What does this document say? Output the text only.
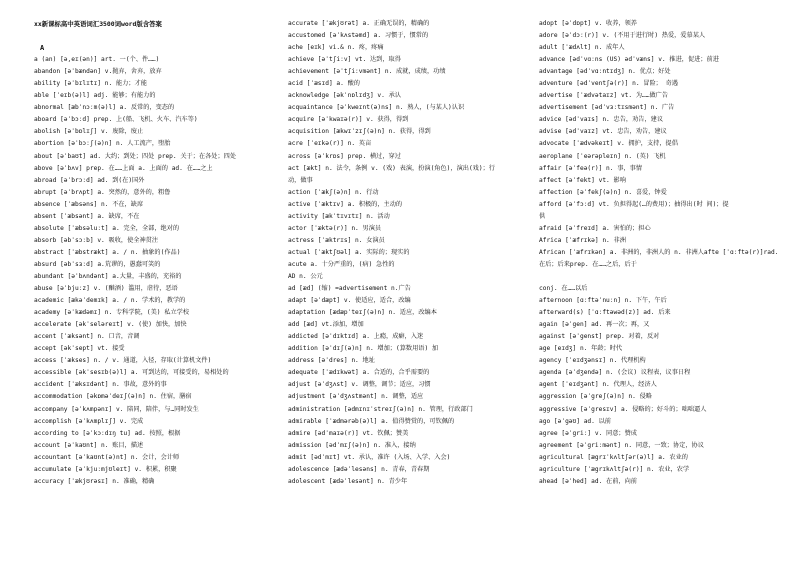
xx新课标高中英语词汇3500词word版含答案
A
a (an) [ə,eɪ(ən)] art. 一(个、件……)
abandon [əˈbændən] v.抛弃，舍弃，放弃
ability [əˈbɪlɪtɪ] n. 能力；才能
able [ˈeɪb(ə)l] adj. 能够；有能力的
abnormal [æbˈnɔːm(ə)l] a. 反常的，变态的
aboard [əˈbɔːd] prep. 上(船、飞机、火车、汽车等)
abolish [əˈbɒlɪʃ] v. 废除，废止
abortion [əˈbɔːʃ(ə)n] n. 人工流产，堕胎
about [əˈbaʊt] ad. 大约；到处；四处 prep. 关于；在各处；四处
above [əˈbʌv] prep. 在……上面 a. 上面的 ad. 在……之上
abroad [əˈbrɔːd] ad. 到(在)国外
abrupt [əˈbrʌpt] a. 突然的，意外的，粗鲁
absence [ˈæbsəns] n. 不在，缺席
absent [ˈæbsənt] a. 缺席，不在
absolute [ˈæbsəluːt] a. 完全，全部，绝对的
absorb [əbˈsɔːb] v. 吸收，使全神贯注
abstract [ˈæbstrækt] a. / n. 抽象的(作品)
absurd [əbˈsɜːd] a.荒谬的，愚蠢可笑的
abundant [əˈbʌndənt] a.大量，丰盛的，充裕的
abuse [əˈbjuːz] v. (酗酒) 滥用，虐待，恶语
academic [ækəˈdemɪk] a. / n. 学术的，教学的
academy [əˈkædəmɪ] n. 专科学院，(美) 私立学校
accelerate [əkˈseləreɪt] v. (使) 加快，加快
accent [ˈæksənt] n. 口音，音调
accept [əkˈsept] vt. 接受
access [ˈækses] n. / v. 通道，入径，存取(计算机文件)
accessible [əkˈsesɪb(ə)l] a. 可到达的，可接受的，易相处的
accident [ˈæksɪdənt] n. 事故，意外的事
accommodation [əkɒməˈdeɪʃ(ə)n] n. 住宿，膳宿
accompany [əˈkʌmpənɪ] v. 陪同，陪伴，与…同时发生
accomplish [əˈkʌmplɪʃ] v. 完成
according to [əˈkɔːdɪŋ tu] ad. 按照，根据
account [əˈkaʊnt] n. 账目，描述
accountant [əˈkaʊnt(ə)nt] n. 会计，会计师
accumulate [əˈkjuːmjʊleɪt] v. 积累，积聚
accuracy [ˈækjʊrəsɪ] n. 准确，精确
accurate [ˈækjʊrət] a. 正确无误的，精确的
accustomed [əˈkʌstəmd] a. 习惯于，惯常的
ache [eɪk] vi.& n. 疼，疼痛
achieve [əˈtʃiːv] vt. 达到，取得
achievement [əˈtʃiːvmənt] n. 成就，成绩，功绩
acid [ˈæsɪd] a. 酸的
acknowledge [əkˈnɒlɪdʒ] v. 承认
acquaintance [əˈkweɪnt(ə)ns] n. 熟人，(与某人)认识
acquire [əˈkwaɪə(r)] v. 获得，得到
acquisition [ækwɪˈzɪʃ(ə)n] n. 获得，得到
acre [ˈeɪkə(r)] n. 英亩
across [əˈkrɒs] prep. 横过，穿过
act [ækt] n. 法令，条例 v. (戏) 表演，扮演(角色)，演出(戏)；行
动，做事
action [ˈækʃ(ə)n] n. 行动
active [ˈæktɪv] a. 积极的，主动的
activity [ækˈtɪvɪtɪ] n. 活动
actor [ˈæktə(r)] n. 男演员
actress [ˈæktrɪs] n. 女演员
actual [ˈæktʃʊəl] a. 实际的；现实的
acute a. 十分严重的，(病) 急性的
AD n. 公元
ad [æd] (缩) =advertisement n.广告
adapt [əˈdæpt] v. 使适应，适合，改编
adaptation [ædæpˈteɪʃ(ə)n] n. 适应，改编本
add [æd] vt.添加，增加
addicted [əˈdɪktɪd] a. 上瘾，成癖，入迷
addition [əˈdɪʃ(ə)n] n. 增加；(算数用语) 加
address [əˈdres] n. 地址
adequate [ˈædɪkwət] a. 合适的，合乎需要的
adjust [əˈdʒʌst] v. 调整，调节；适应，习惯
adjustment [əˈdʒʌstmənt] n. 调整，适应
administration [ədmɪnɪˈstreɪʃ(ə)n] n. 管理，行政部门
admirable [ˈædmərəb(ə)l] a. 值得赞赏的，可钦佩的
admire [ədˈmaɪə(r)] vt. 钦佩；赞美
admission [ədˈmɪʃ(ə)n] n. 准入，接纳
admit [ədˈmɪt] vt. 承认，准许 (入场、入学、入会)
adolescence [ædəˈlesəns] n. 青春，青春期
adolescent [ædəˈlesənt] n. 青少年
adopt [əˈdɒpt] v. 收养，领养
adore [əˈdɔː(r)] v. (不用于进行时) 热爱，爱慕某人
adult [ˈædʌlt] n. 成年人
advance [ədˈvɑːns (US) ədˈvæns] v. 推进，促进；前进
advantage [ədˈvɑːntɪdʒ] n. 优点；好处
adventure [ədˈventʃə(r)] n. 冒险； 奇遇
advertise [ˈædvətaɪz] vt. 为……做广告
advertisement [ədˈvɜːtɪsmənt] n. 广告
advice [ədˈvaɪs] n. 忠告，劝告，建议
advise [ədˈvaɪz] vt. 忠告，劝告，建议
advocate [ˈædvəkeɪt] v. 拥护，支持，提倡
aeroplane [ˈeərəpleɪn] n. (英) 飞机
affair [əˈfeə(r)] n. 事，事情
affect [əˈfekt] vt. 影响
affection [əˈfekʃ(ə)n] n. 喜爱，钟爱
afford [əˈfɔːd] vt. 负担得起(…的费用)；抽得出(时 间)；提
供
afraid [əˈfreɪd] a. 害怕的；担心
Africa [ˈæfrɪkə] n. 非洲
African [ˈæfrɪkən] a. 非洲的，非洲人的 n. 非洲人afte [ˈɑːftə(r)]rad.
在后；后来prep. 在……之后，后于
conj. 在……以后
afternoon [ɑːftəˈnuːn] n. 下午，午后
afterward(s) [ˈɑːftəwəd(z)] ad. 后来
again [əˈgen] ad. 再一次；再，又
against [əˈgenst] prep. 对着，反对
age [eɪdʒ] n. 年龄；时代
agency [ˈeɪdʒənsɪ] n. 代理机构
agenda [əˈdʒendə] n. (会议) 议程表，议事日程
agent [ˈeɪdʒənt] n. 代理人，经济人
aggression [əˈgreʃ(ə)n] n. 侵略
aggressive [əˈgresɪv] a. 侵略的；好斗的；咄咄逼人
ago [əˈgəʊ] ad. 以前
agree [əˈgriː] v. 同意；赞成
agreement [əˈgriːmənt] n. 同意，一致；协定，协议
agricultural [ægrɪˈkʌltʃər(ə)l] a. 农业的
agriculture [ˈægrɪkʌltʃə(r)] n. 农业，农学
ahead [əˈhed] ad. 在前，向前
